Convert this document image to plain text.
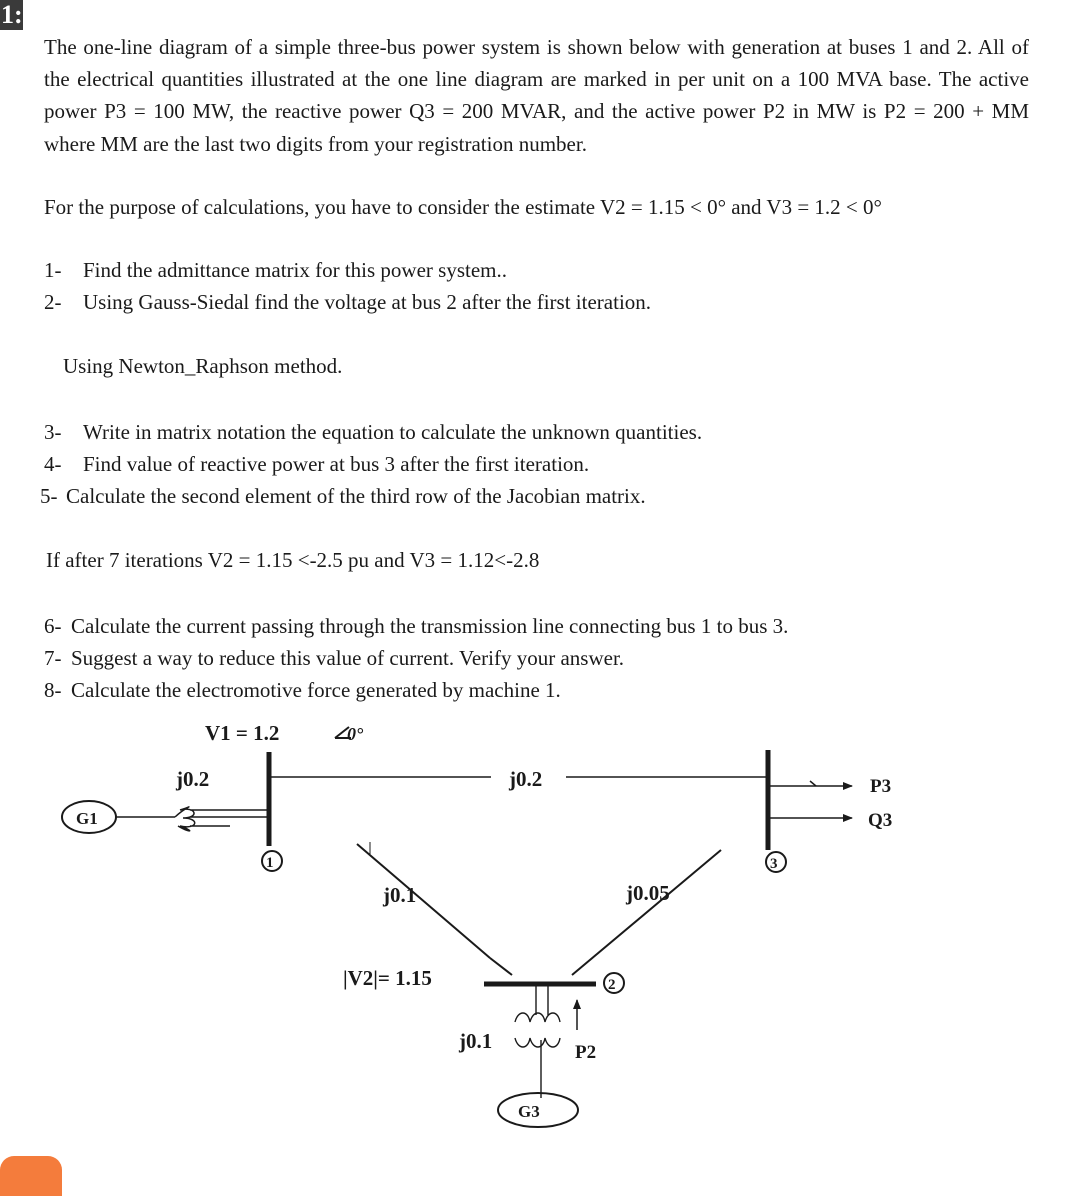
1:

The one-line diagram of a simple three-bus power system is shown below with generation at buses 1 and 2. All of the electrical quantities illustrated at the one line diagram are marked in per unit on a 100 MVA base. The active power P3 = 100 MW, the reactive power Q3 = 200 MVAR, and the active power P2 in MW is P2 = 200 + MM where MM are the last two digits from your registration number.

For the purpose of calculations, you have to consider the estimate V2 = 1.15 < 0° and V3 = 1.2 < 0°

1- Find the admittance matrix for this power system..
2- Using Gauss-Siedal find the voltage at bus 2 after the first iteration.
Using Newton_Raphson method.
3- Write in matrix notation the equation to calculate the unknown quantities.
4- Find value of reactive power at bus 3 after the first iteration.
5- Calculate the second element of the third row of the Jacobian matrix.
If after 7 iterations V2 = 1.15 <-2.5 pu and V3 = 1.12<-2.8
6- Calculate the current passing through the transmission line connecting bus 1 to bus 3.
7- Suggest a way to reduce this value of current. Verify your answer.
8- Calculate the electromotive force generated by machine 1.
V1 = 1.2	0°
G1
j0.2
1
j0.2
3
P3
Q3
j0.1	j0.05
2
|V2|= 1.15
j0.1	P2
G3
